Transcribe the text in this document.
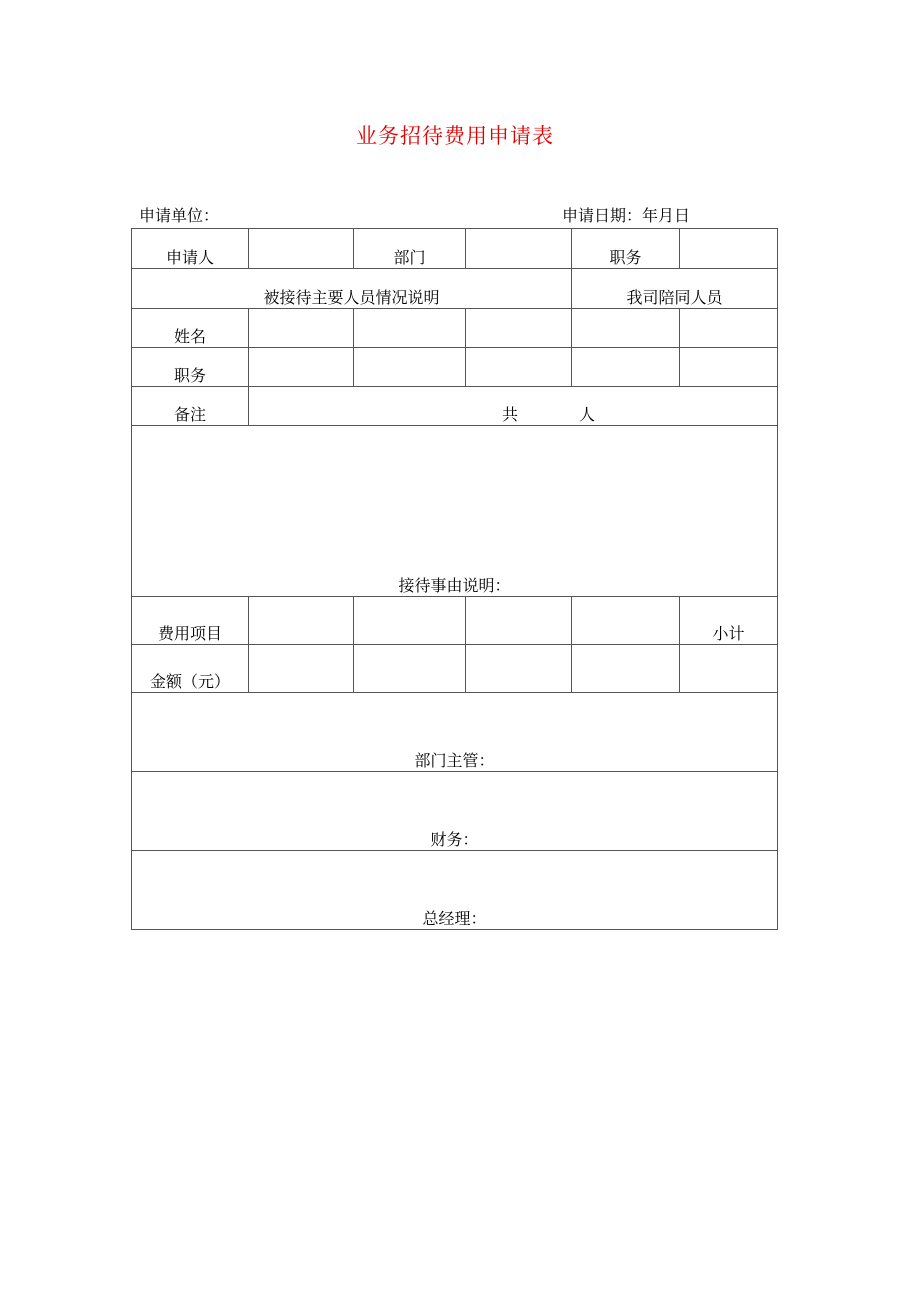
业务招待费用申请表
申请单位：	申请日期：年月日
申请人		部门		职务	
被接待主要人员情况说明				我司陪同人员	
姓名					
职务					
备注	共 人				
接待事由说明：					
费用项目					小计
金额（元）					
部门主管：					
财务：					
总经理：					
